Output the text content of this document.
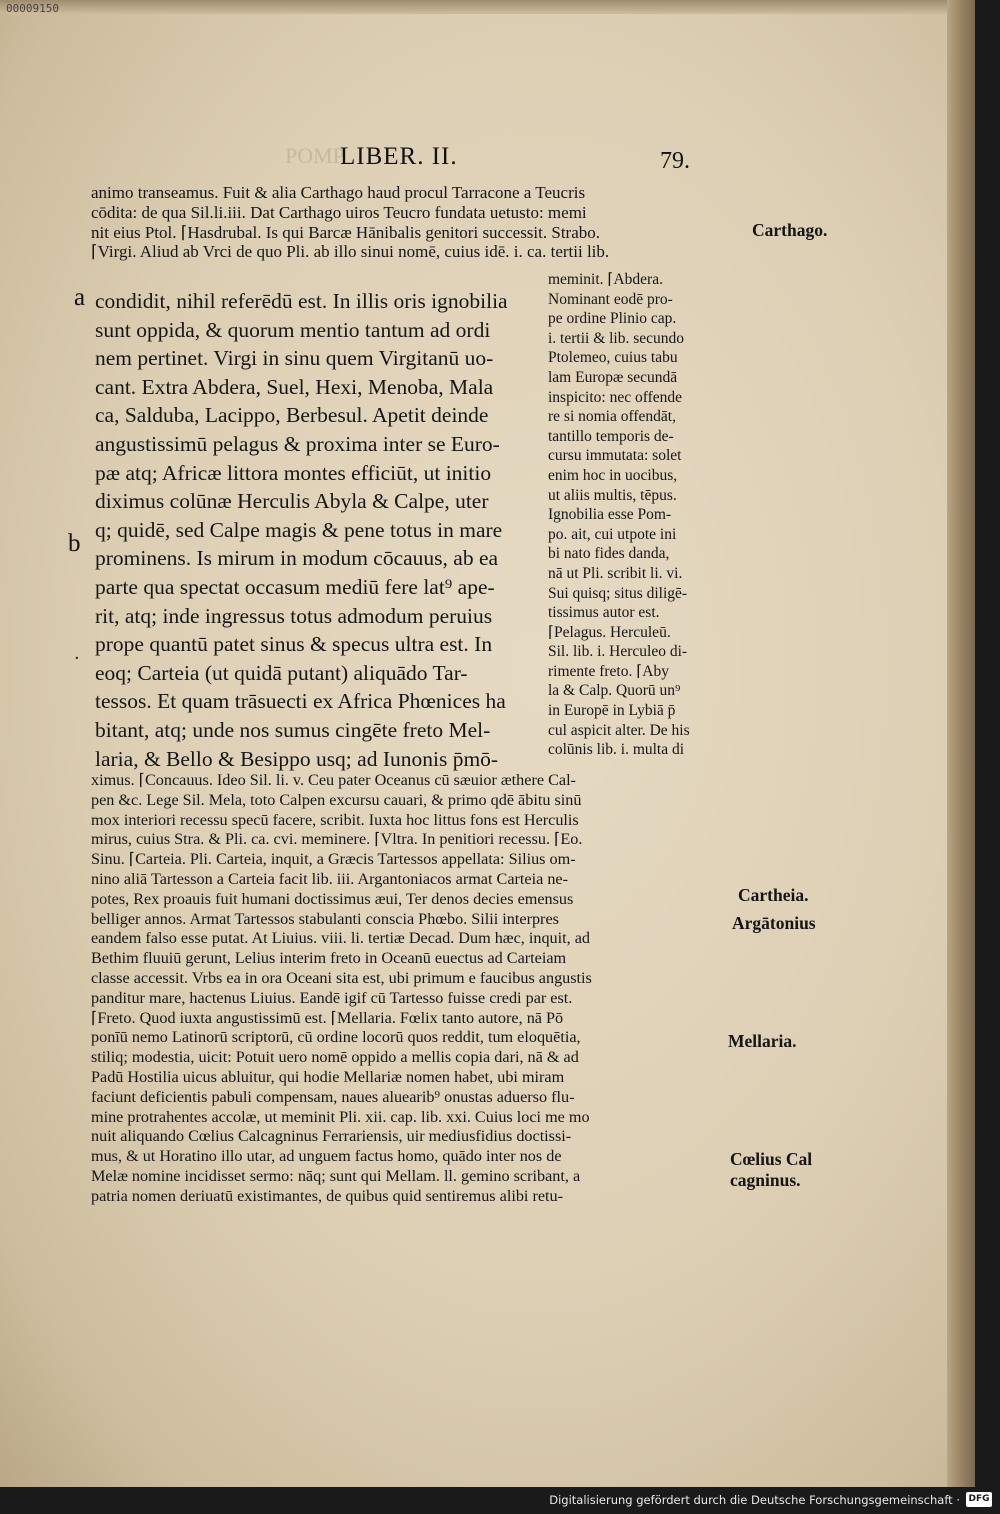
00009150
POMP
LIBER. II.	79.
animo transeamus. Fuit & alia Carthago haud procul Tarracone a Teucris
cōdita: de qua Sil.li.iii. Dat Carthago uiros Teucro fundata uetusto: memi
nit eius Ptol. ⌈Hasdrubal. Is qui Barcæ Hānibalis genitori successit. Strabo.
⌈Virgi. Aliud ab Vrci de quo Pli. ab illo sinui nomē, cuius idē. i. ca. tertii lib.
a
b
·
condidit, nihil referēdū est. In illis oris ignobilia
sunt oppida, & quorum mentio tantum ad ordi
nem pertinet. Virgi in sinu quem Virgitanū uo-
cant. Extra Abdera, Suel, Hexi, Menoba, Mala
ca, Salduba, Lacippo, Berbesul. Apetit deinde
angustissimū pelagus & proxima inter se Euro-
pæ atq; Africæ littora montes efficiūt, ut initio
diximus colūnæ Herculis Abyla & Calpe, uter
q; quidē, sed Calpe magis & pene totus in mare
prominens. Is mirum in modum cōcauus, ab ea
parte qua spectat occasum mediū fere lat⁹ ape-
rit, atq; inde ingressus totus admodum peruius
prope quantū patet sinus & specus ultra est. In
eoq; Carteia (ut quidā putant) aliquādo Tar-
tessos. Et quam trāsuecti ex Africa Phœnices ha
bitant, atq; unde nos sumus cingēte freto Mel-
laria, & Bello & Besippo usq; ad Iunonis p̄mō-
meminit. ⌈Abdera.
Nominant eodē pro-
pe ordine Plinio cap.
i. tertii & lib. secundo
Ptolemeo, cuius tabu
lam Europæ secundā
inspicito: nec offende
re si nomia offendāt,
tantillo temporis de-
cursu immutata: solet
enim hoc in uocibus,
ut aliis multis, tēpus.
Ignobilia esse Pom-
po. ait, cui utpote ini
bi nato fides danda,
nā ut Pli. scribit li. vi.
Sui quisq; situs diligē-
tissimus autor est.
⌈Pelagus. Herculeū.
Sil. lib. i. Herculeo di-
rimente freto. ⌈Aby
la & Calp. Quorū un⁹
in Europē in Lybiā p̄
cul aspicit alter. De his
colūnis lib. i. multa di
ximus. ⌈Concauus. Ideo Sil. li. v. Ceu pater Oceanus cū sæuior æthere Cal-
pen &c. Lege Sil. Mela, toto Calpen excursu cauari, & primo qdē ābitu sinū
mox interiori recessu specū facere, scribit. Iuxta hoc littus fons est Herculis
mirus, cuius Stra. & Pli. ca. cvi. meminere. ⌈Vltra. In penitiori recessu. ⌈Eo.
Sinu. ⌈Carteia. Pli. Carteia, inquit, a Græcis Tartessos appellata: Silius om-
nino aliā Tartesson a Carteia facit lib. iii. Argantoniacos armat Carteia ne-
potes, Rex proauis fuit humani doctissimus æui, Ter denos decies emensus
belliger annos. Armat Tartessos stabulanti conscia Phœbo. Silii interpres
eandem falso esse putat. At Liuius. viii. li. tertiæ Decad. Dum hæc, inquit, ad
Bethim fluuiū gerunt, Lelius interim freto in Oceanū euectus ad Carteiam
classe accessit. Vrbs ea in ora Oceani sita est, ubi primum e faucibus angustis
panditur mare, hactenus Liuius. Eandē igif cū Tartesso fuisse credi par est.
⌈Freto. Quod iuxta angustissimū est. ⌈Mellaria. Fœlix tanto autore, nā Pō
ponīū nemo Latinorū scriptorū, cū ordine locorū quos reddit, tum eloquētia,
stiliq; modestia, uicit: Potuit uero nomē oppido a mellis copia dari, nā & ad
Padū Hostilia uicus abluitur, qui hodie Mellariæ nomen habet, ubi miram
faciunt deficientis pabuli compensam, naues aluearib⁹ onustas aduerso flu-
mine protrahentes accolæ, ut meminit Pli. xii. cap. lib. xxi. Cuius loci me mo
nuit aliquando Cœlius Calcagninus Ferrariensis, uir mediusfidius doctissi-
mus, & ut Horatino illo utar, ad unguem factus homo, quādo inter nos de
Melæ nomine incidisset sermo: nāq; sunt qui Mellam. ll. gemino scribant, a
patria nomen deriuatū existimantes, de quibus quid sentiremus alibi retu-
Carthago.
Cartheia.
Argātonius
Mellaria.
Cœlius Cal
cagninus.
Digitalisierung gefördert durch die Deutsche Forschungsgemeinschaft · DFG
